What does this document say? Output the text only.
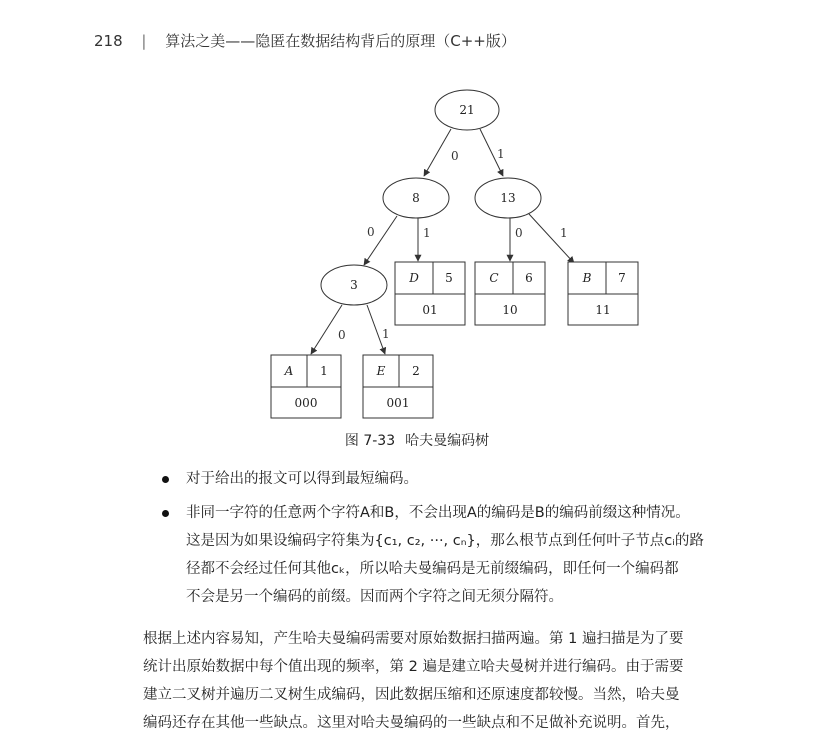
218 | 算法之美——隐匿在数据结构背后的原理（C++版）
0	1
0	1	0	1
0	1
21
8	13
3	D 5
01
C 6
10
B 7
11
A 1
000
E 2
001
图 7-33 哈夫曼编码树
对于给出的报文可以得到最短编码。
非同一字符的任意两个字符A和B，不会出现A的编码是B的编码前缀这种情况。
这是因为如果设编码字符集为{c₁, c₂, ···, cₙ}，那么根节点到任何叶子节点cᵢ的路
径都不会经过任何其他cₖ，所以哈夫曼编码是无前缀编码，即任何一个编码都
不会是另一个编码的前缀。因而两个字符之间无须分隔符。
根据上述内容易知，产生哈夫曼编码需要对原始数据扫描两遍。第 1 遍扫描是为了要
统计出原始数据中每个值出现的频率，第 2 遍是建立哈夫曼树并进行编码。由于需要
建立二叉树并遍历二叉树生成编码，因此数据压缩和还原速度都较慢。当然，哈夫曼
编码还存在其他一些缺点。这里对哈夫曼编码的一些缺点和不足做补充说明。首先，
